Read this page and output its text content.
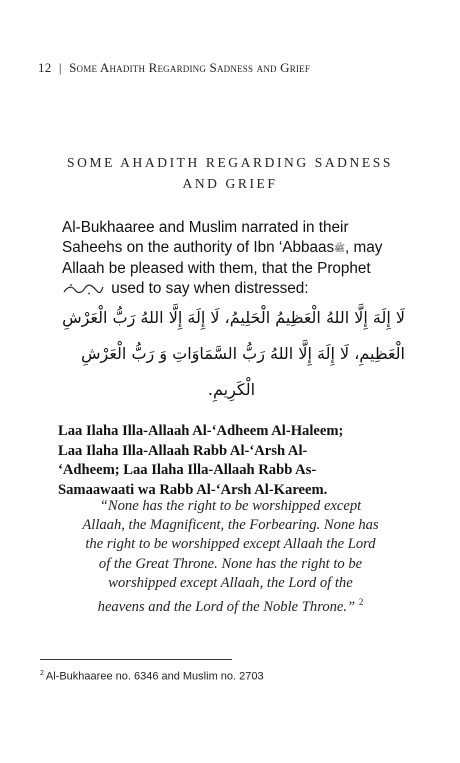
12 | Some Ahadith Regarding Sadness and Grief
SOME AHADITH REGARDING SADNESS
AND GRIEF
Al-Bukhaaree and Muslim narrated in their Saheehs on the authority of Ibn ‘Abbaasﷺ, may Allaah be pleased with them, that the Prophet  used to say when distressed:
لَا إِلَهَ إِلَّا اللهُ الْعَظِيمُ الْحَلِيمُ، لَا إِلَهَ إِلَّا اللهُ رَبُّ الْعَرْشِ
الْعَظِيمِ، لَا إِلَهَ إِلَّا اللهُ رَبُّ السَّمَاوَاتِ وَ رَبُّ الْعَرْشِ
الْكَرِيمِ.
Laa Ilaha Illa-Allaah Al-‘Adheem Al-Haleem;
Laa Ilaha Illa-Allaah Rabb Al-‘Arsh Al-
‘Adheem; Laa Ilaha Illa-Allaah Rabb As-
Samaawaati wa Rabb Al-‘Arsh Al-Kareem.
“None has the right to be worshipped except
Allaah, the Magnificent, the Forbearing. None has
the right to be worshipped except Allaah the Lord
of the Great Throne. None has the right to be
worshipped except Allaah, the Lord of the
heavens and the Lord of the Noble Throne.” $^2$
$^2$ Al-Bukhaaree no. 6346 and Muslim no. 2703
